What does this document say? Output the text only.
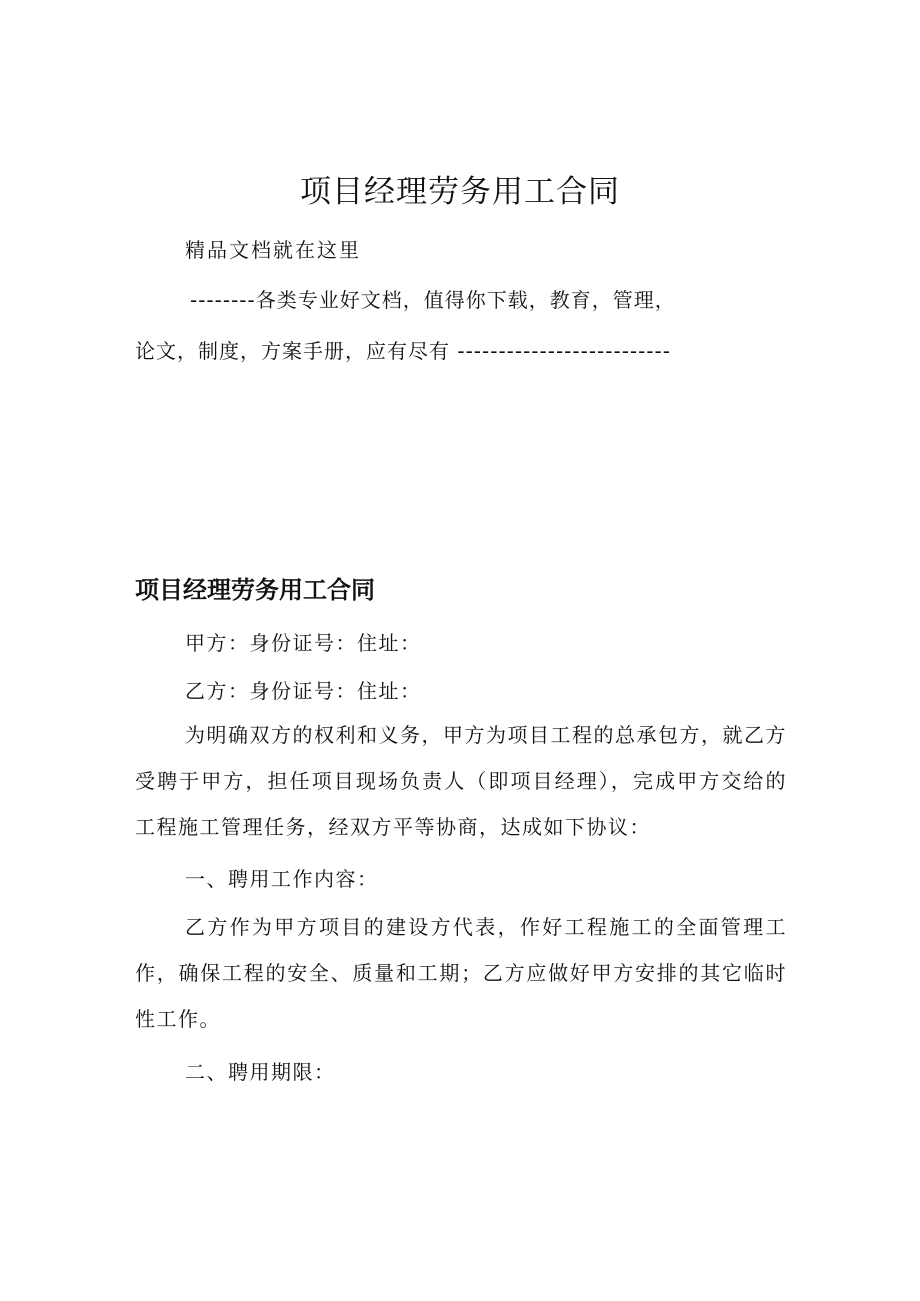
项目经理劳务用工合同
精品文档就在这里
--------各类专业好文档，值得你下载，教育，管理，
论文，制度，方案手册，应有尽有 --------------------------
项目经理劳务用工合同
甲方：身份证号：住址：
乙方：身份证号：住址：
为明确双方的权利和义务，甲方为项目工程的总承包方，就乙方受聘于甲方，担任项目现场负责人（即项目经理），完成甲方交给的工程施工管理任务，经双方平等协商，达成如下协议：
一、聘用工作内容：
乙方作为甲方项目的建设方代表，作好工程施工的全面管理工作，确保工程的安全、质量和工期；乙方应做好甲方安排的其它临时性工作。
二、聘用期限：
